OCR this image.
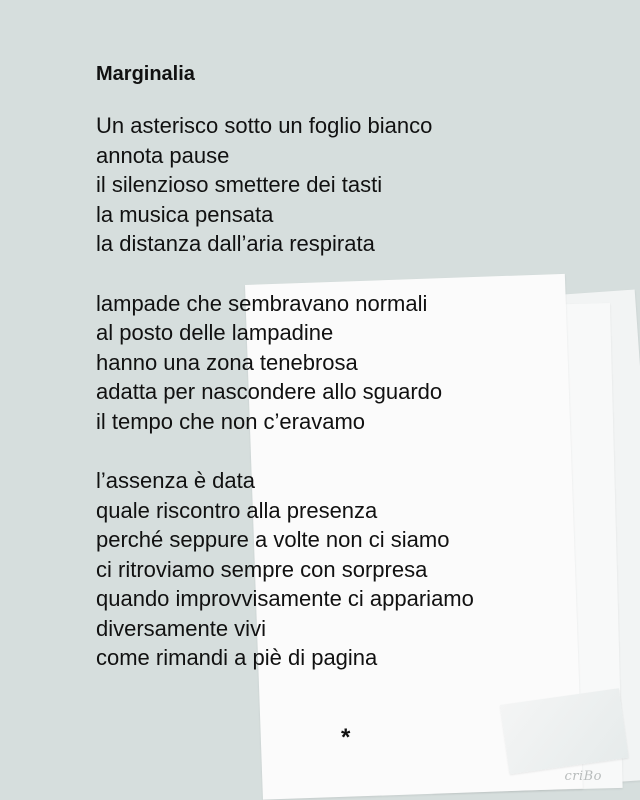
Marginalia
Un asterisco sotto un foglio bianco
annota pause
il silenzioso smettere dei tasti
la musica pensata
la distanza dall’aria respirata
lampade che sembravano normali
al posto delle lampadine
hanno una zona tenebrosa
adatta per nascondere allo sguardo
il tempo che non c’eravamo
l’assenza è data
quale riscontro alla presenza
perché seppure a volte non ci siamo
ci ritroviamo sempre con sorpresa
quando improvvisamente ci appariamo
diversamente vivi
come rimandi a piè di pagina
*
criBo
